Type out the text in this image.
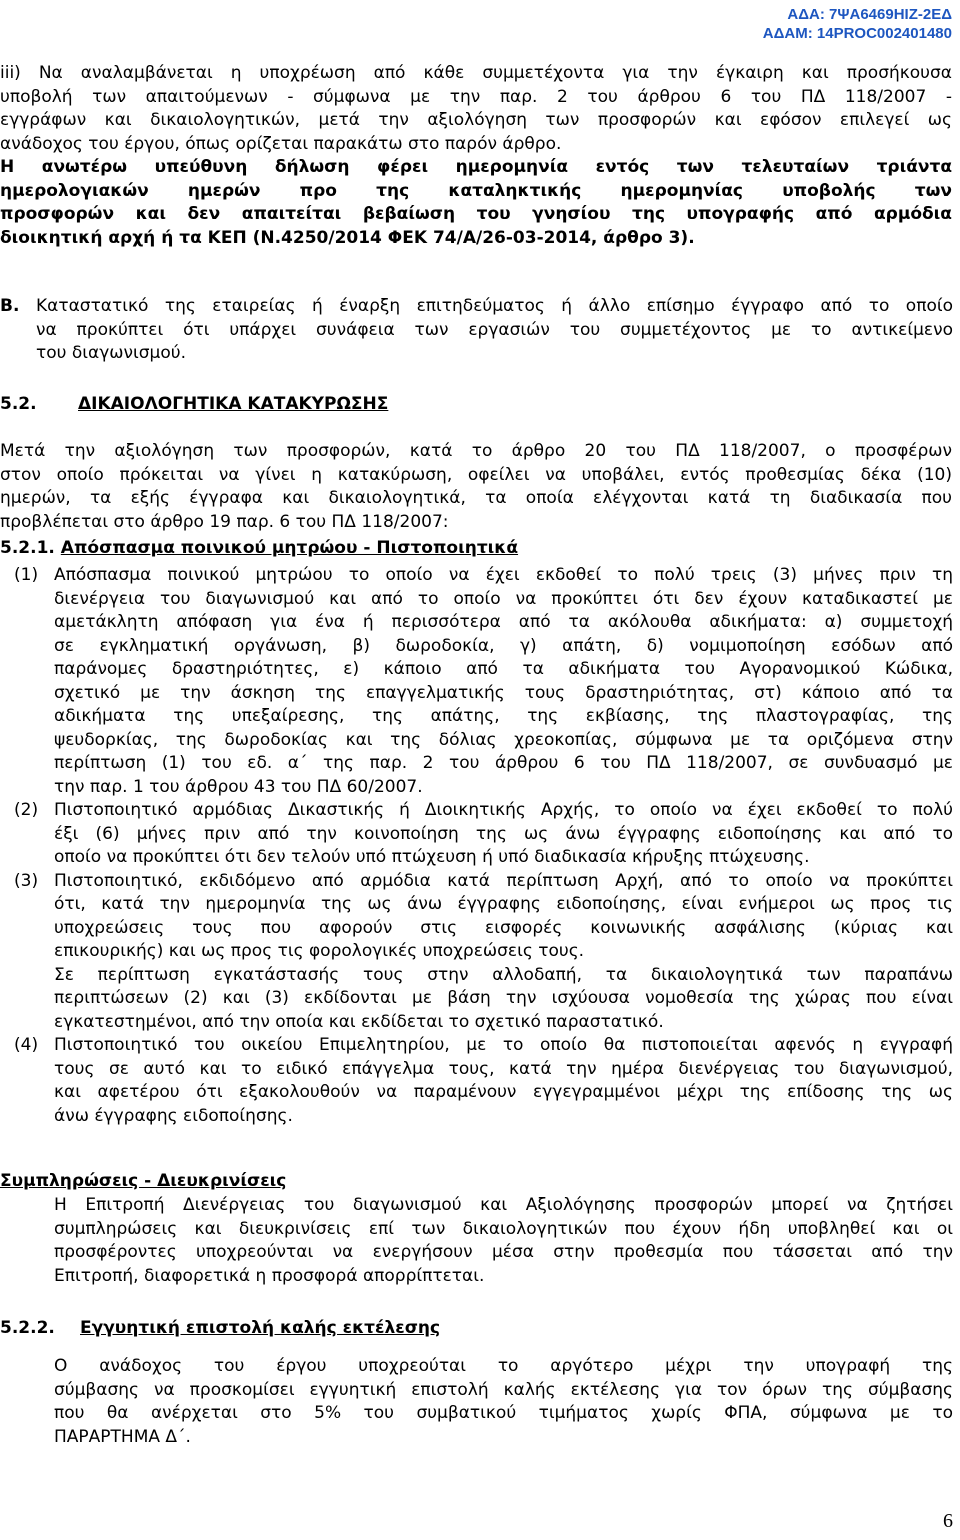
ΑΔΑ: 7ΨΑ6469ΗΙΖ-2ΕΔ
ΑΔΑΜ: 14PROC002401480
iii) Να αναλαμβάνεται η υποχρέωση από κάθε συμμετέχοντα για την έγκαιρη και προσήκουσα
υποβολή των απαιτούμενων - σύμφωνα με την παρ. 2 του άρθρου 6 του ΠΔ 118/2007 -
εγγράφων και δικαιολογητικών, μετά την αξιολόγηση των προσφορών και εφόσον επιλεγεί ως
ανάδοχος του έργου, όπως ορίζεται παρακάτω στο παρόν άρθρο.
Η ανωτέρω υπεύθυνη δήλωση φέρει ημερομηνία εντός των τελευταίων τριάντα
ημερολογιακών ημερών προ της καταληκτικής ημερομηνίας υποβολής των
προσφορών και δεν απαιτείται βεβαίωση του γνησίου της υπογραφής από αρμόδια
διοικητική αρχή ή τα ΚΕΠ (Ν.4250/2014 ΦΕΚ 74/Α/26-03-2014, άρθρο 3).
Β. Καταστατικό της εταιρείας ή έναρξη επιτηδεύματος ή άλλο επίσημο έγγραφο από το οποίο
να προκύπτει ότι υπάρχει συνάφεια των εργασιών του συμμετέχοντος με το αντικείμενο
του διαγωνισμού.
5.2. ΔΙΚΑΙΟΛΟΓΗΤΙΚΑ ΚΑΤΑΚΥΡΩΣΗΣ
Μετά την αξιολόγηση των προσφορών, κατά το άρθρο 20 του ΠΔ 118/2007, ο προσφέρων
στον οποίο πρόκειται να γίνει η κατακύρωση, οφείλει να υποβάλει, εντός προθεσμίας δέκα (10)
ημερών, τα εξής έγγραφα και δικαιολογητικά, τα οποία ελέγχονται κατά τη διαδικασία που
προβλέπεται στο άρθρο 19 παρ. 6 του ΠΔ 118/2007:
5.2.1. Απόσπασμα ποινικού μητρώου - Πιστοποιητικά
(1) Απόσπασμα ποινικού μητρώου το οποίο να έχει εκδοθεί το πολύ τρεις (3) μήνες πριν τη
διενέργεια του διαγωνισμού και από το οποίο να προκύπτει ότι δεν έχουν καταδικαστεί με
αμετάκλητη απόφαση για ένα ή περισσότερα από τα ακόλουθα αδικήματα: α) συμμετοχή
σε εγκληματική οργάνωση, β) δωροδοκία, γ) απάτη, δ) νομιμοποίηση εσόδων από
παράνομες δραστηριότητες, ε) κάποιο από τα αδικήματα του Αγορανομικού Κώδικα,
σχετικό με την άσκηση της επαγγελματικής τους δραστηριότητας, στ) κάποιο από τα
αδικήματα της υπεξαίρεσης, της απάτης, της εκβίασης, της πλαστογραφίας, της
ψευδορκίας, της δωροδοκίας και της δόλιας χρεοκοπίας, σύμφωνα με τα οριζόμενα στην
περίπτωση (1) του εδ. α΄ της παρ. 2 του άρθρου 6 του ΠΔ 118/2007, σε συνδυασμό με
την παρ. 1 του άρθρου 43 του ΠΔ 60/2007.
(2) Πιστοποιητικό αρμόδιας Δικαστικής ή Διοικητικής Αρχής, το οποίο να έχει εκδοθεί το πολύ
έξι (6) μήνες πριν από την κοινοποίηση της ως άνω έγγραφης ειδοποίησης και από το
οποίο να προκύπτει ότι δεν τελούν υπό πτώχευση ή υπό διαδικασία κήρυξης πτώχευσης.
(3) Πιστοποιητικό, εκδιδόμενο από αρμόδια κατά περίπτωση Αρχή, από το οποίο να προκύπτει
ότι, κατά την ημερομηνία της ως άνω έγγραφης ειδοποίησης, είναι ενήμεροι ως προς τις
υποχρεώσεις τους που αφορούν στις εισφορές κοινωνικής ασφάλισης (κύριας και
επικουρικής) και ως προς τις φορολογικές υποχρεώσεις τους.
Σε περίπτωση εγκατάστασής τους στην αλλοδαπή, τα δικαιολογητικά των παραπάνω
περιπτώσεων (2) και (3) εκδίδονται με βάση την ισχύουσα νομοθεσία της χώρας που είναι
εγκατεστημένοι, από την οποία και εκδίδεται το σχετικό παραστατικό.
(4) Πιστοποιητικό του οικείου Επιμελητηρίου, με το οποίο θα πιστοποιείται αφενός η εγγραφή
τους σε αυτό και το ειδικό επάγγελμα τους, κατά την ημέρα διενέργειας του διαγωνισμού,
και αφετέρου ότι εξακολουθούν να παραμένουν εγγεγραμμένοι μέχρι της επίδοσης της ως
άνω έγγραφης ειδοποίησης.
Συμπληρώσεις - Διευκρινίσεις
Η Επιτροπή Διενέργειας του διαγωνισμού και Αξιολόγησης προσφορών μπορεί να ζητήσει
συμπληρώσεις και διευκρινίσεις επί των δικαιολογητικών που έχουν ήδη υποβληθεί και οι
προσφέροντες υποχρεούνται να ενεργήσουν μέσα στην προθεσμία που τάσσεται από την
Επιτροπή, διαφορετικά η προσφορά απορρίπτεται.
5.2.2. Εγγυητική επιστολή καλής εκτέλεσης
Ο ανάδοχος του έργου υποχρεούται το αργότερο μέχρι την υπογραφή της
σύμβασης να προσκομίσει εγγυητική επιστολή καλής εκτέλεσης για τον όρων της σύμβασης
που θα ανέρχεται στο 5% του συμβατικού τιμήματος χωρίς ΦΠΑ, σύμφωνα με το
ΠΑΡΑΡΤΗΜΑ Δ΄.
6
